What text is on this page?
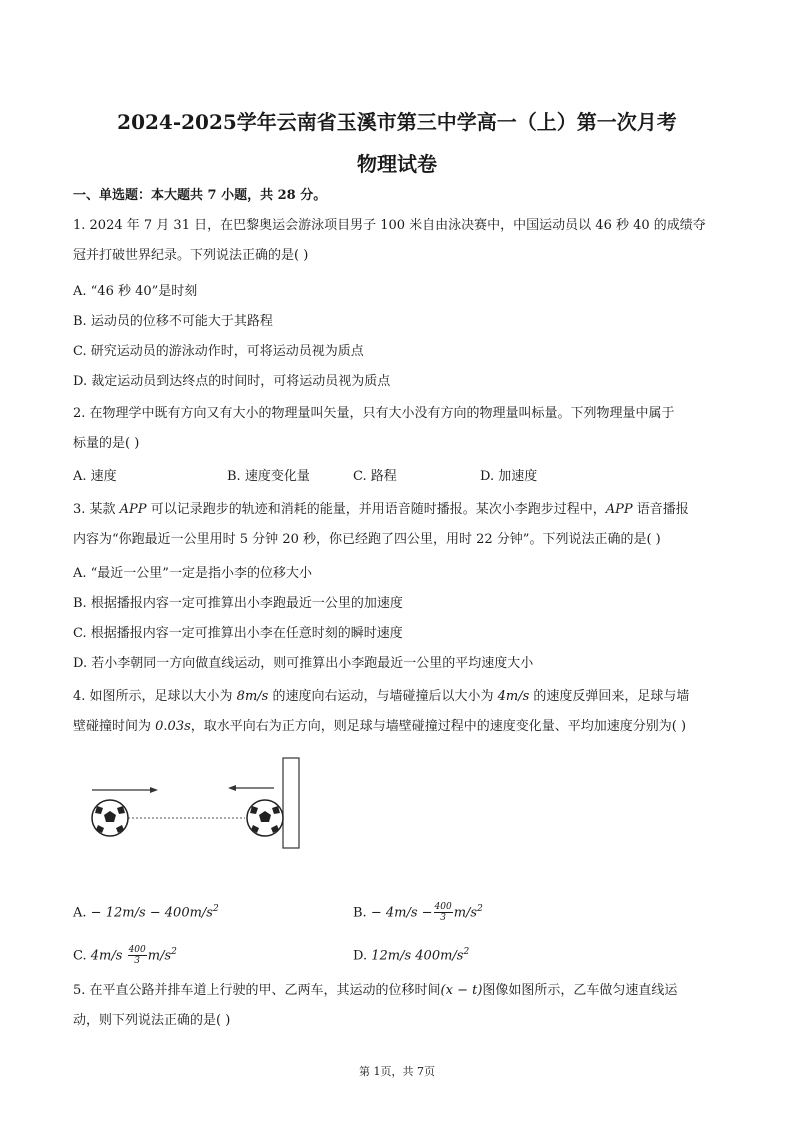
2024-2025学年云南省玉溪市第三中学高一（上）第一次月考
物理试卷
一、单选题：本大题共 7 小题，共 28 分。
1. 2024 年 7 月 31 日，在巴黎奥运会游泳项目男子 100 米自由泳决赛中，中国运动员以 46 秒 40 的成绩夺
冠并打破世界纪录。下列说法正确的是( )
A. “46 秒 40”是时刻
B. 运动员的位移不可能大于其路程
C. 研究运动员的游泳动作时，可将运动员视为质点
D. 裁定运动员到达终点的时间时，可将运动员视为质点
2. 在物理学中既有方向又有大小的物理量叫矢量，只有大小没有方向的物理量叫标量。下列物理量中属于
标量的是( )
A. 速度	B. 速度变化量	C. 路程	D. 加速度
3. 某款 APP 可以记录跑步的轨迹和消耗的能量，并用语音随时播报。某次小李跑步过程中，APP 语音播报
内容为“你跑最近一公里用时 5 分钟 20 秒，你已经跑了四公里，用时 22 分钟”。下列说法正确的是( )
A. “最近一公里”一定是指小李的位移大小
B. 根据播报内容一定可推算出小李跑最近一公里的加速度
C. 根据播报内容一定可推算出小李在任意时刻的瞬时速度
D. 若小李朝同一方向做直线运动，则可推算出小李跑最近一公里的平均速度大小
4. 如图所示，足球以大小为 8m/s 的速度向右运动，与墙碰撞后以大小为 4m/s 的速度反弹回来，足球与墙
壁碰撞时间为 0.03s，取水平向右为正方向，则足球与墙壁碰撞过程中的速度变化量、平均加速度分别为( )
A. − $12m/s - 400m/s^2$	B. − $4m/s - \frac{400}{3} m/s^2$
C. $4m/s \frac{400}{3} m/s^2$	D. 12m/s $400m/s^2$
5. 在平直公路并排车道上行驶的甲、乙两车，其运动的位移时间(x − t)图像如图所示，乙车做匀速直线运
动，则下列说法正确的是( )
第 1页，共 7页
